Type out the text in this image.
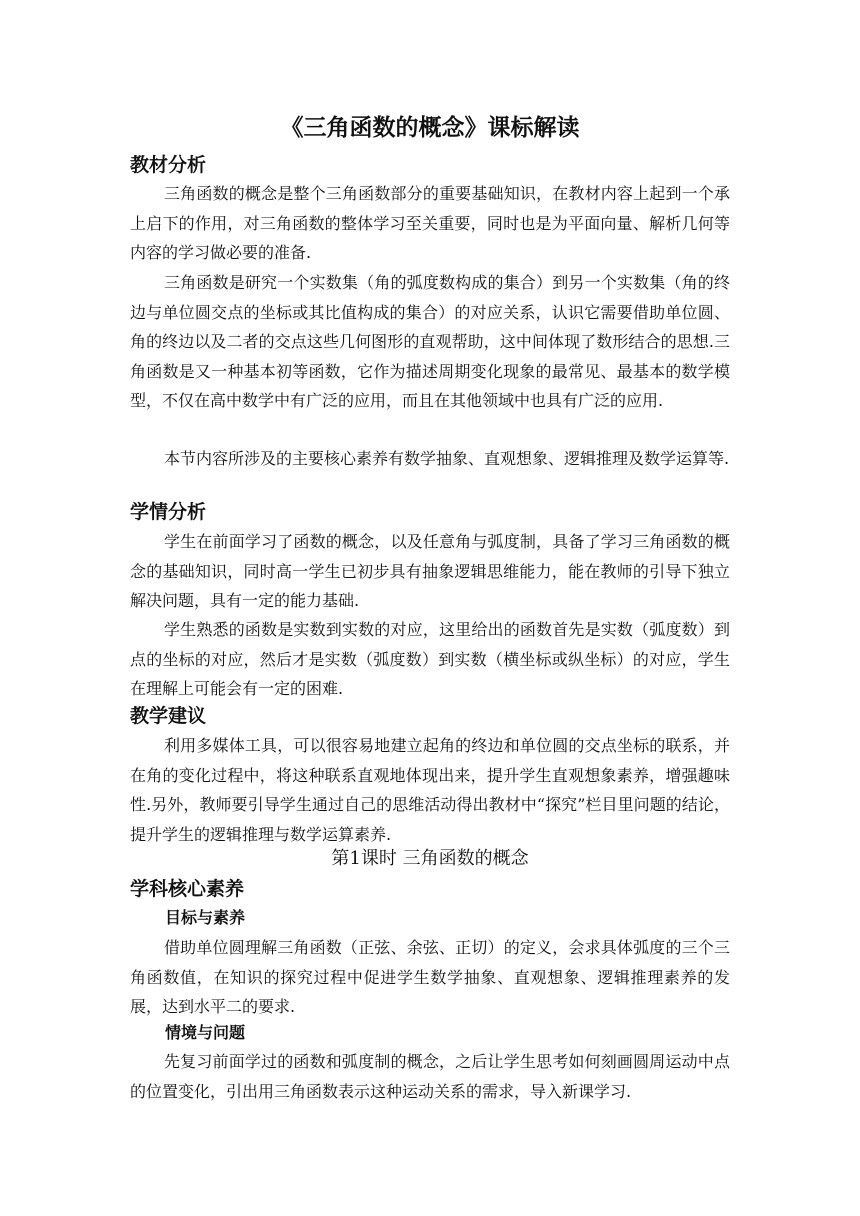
《三角函数的概念》课标解读
教材分析

三角函数的概念是整个三角函数部分的重要基础知识，在教材内容上起到一个承上启下的作用，对三角函数的整体学习至关重要，同时也是为平面向量、解析几何等内容的学习做必要的准备.

三角函数是研究一个实数集（角的弧度数构成的集合）到另一个实数集（角的终边与单位圆交点的坐标或其比值构成的集合）的对应关系，认识它需要借助单位圆、角的终边以及二者的交点这些几何图形的直观帮助，这中间体现了数形结合的思想.三角函数是又一种基本初等函数，它作为描述周期变化现象的最常见、最基本的数学模型，不仅在高中数学中有广泛的应用，而且在其他领域中也具有广泛的应用.

本节内容所涉及的主要核心素养有数学抽象、直观想象、逻辑推理及数学运算等.

学情分析

学生在前面学习了函数的概念，以及任意角与弧度制，具备了学习三角函数的概念的基础知识，同时高一学生已初步具有抽象逻辑思维能力，能在教师的引导下独立解决问题，具有一定的能力基础.

学生熟悉的函数是实数到实数的对应，这里给出的函数首先是实数（弧度数）到点的坐标的对应，然后才是实数（弧度数）到实数（横坐标或纵坐标）的对应，学生在理解上可能会有一定的困难.

教学建议

利用多媒体工具，可以很容易地建立起角的终边和单位圆的交点坐标的联系，并在角的变化过程中，将这种联系直观地体现出来，提升学生直观想象素养，增强趣味性.另外，教师要引导学生通过自己的思维活动得出教材中“探究”栏目里问题的结论，提升学生的逻辑推理与数学运算素养.

第1课时 三角函数的概念
学科核心素养
目标与素养

借助单位圆理解三角函数（正弦、余弦、正切）的定义，会求具体弧度的三个三角函数值，在知识的探究过程中促进学生数学抽象、直观想象、逻辑推理素养的发展，达到水平二的要求.

情境与问题

先复习前面学过的函数和弧度制的概念，之后让学生思考如何刻画圆周运动中点的位置变化，引出用三角函数表示这种运动关系的需求，导入新课学习.
